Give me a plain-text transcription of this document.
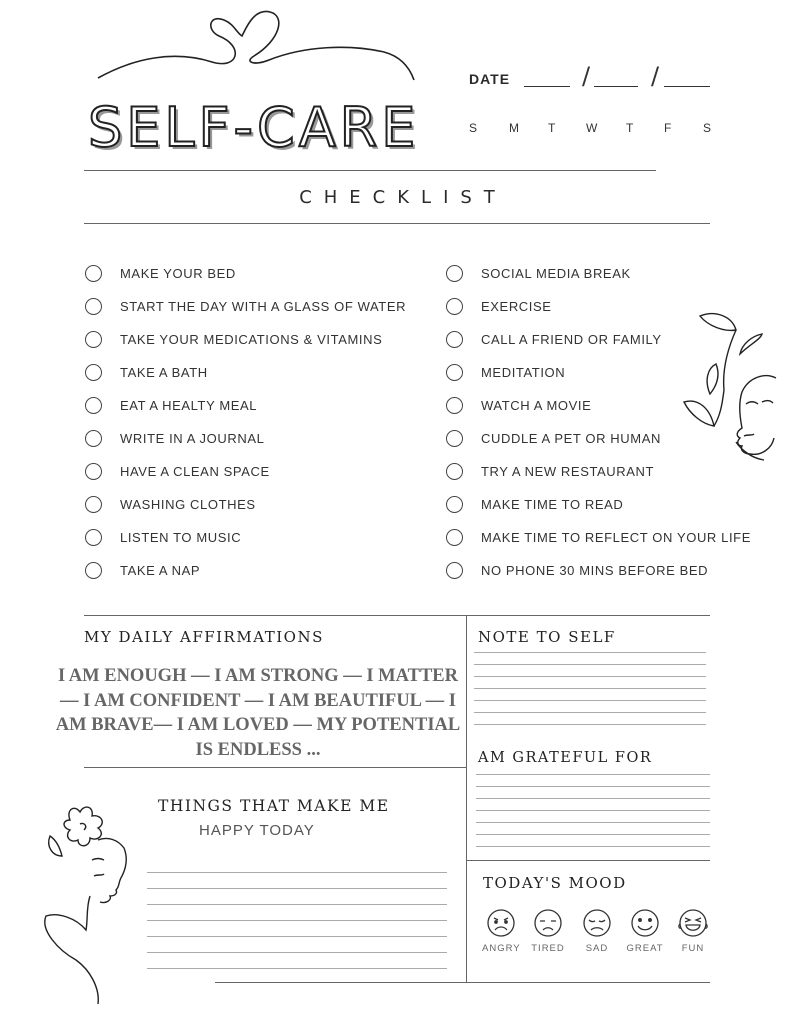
SELF-CARE
DATE	/	/
S	M T	W T	F	S
CHECKLIST
MAKE YOUR BED
START THE DAY WITH A GLASS OF WATER
TAKE YOUR MEDICATIONS & VITAMINS
TAKE A BATH
EAT A HEALTY MEAL
WRITE IN A JOURNAL
HAVE A CLEAN SPACE
WASHING CLOTHES
LISTEN TO MUSIC
TAKE A NAP
SOCIAL MEDIA BREAK
EXERCISE
CALL A FRIEND OR FAMILY
MEDITATION
WATCH A MOVIE
CUDDLE A PET OR HUMAN
TRY A NEW RESTAURANT
MAKE TIME TO READ
MAKE TIME TO REFLECT ON YOUR LIFE
NO PHONE 30 MINS BEFORE BED
MY DAILY AFFIRMATIONS
I AM ENOUGH — I AM STRONG — I MATTER — I AM CONFIDENT — I AM BEAUTIFUL — I AM BRAVE— I AM LOVED — MY POTENTIAL IS ENDLESS ...
THINGS THAT MAKE ME
HAPPY TODAY
NOTE TO SELF
AM GRATEFUL FOR
TODAY'S MOOD
ANGRY TIRED	SAD	GREAT	FUN
